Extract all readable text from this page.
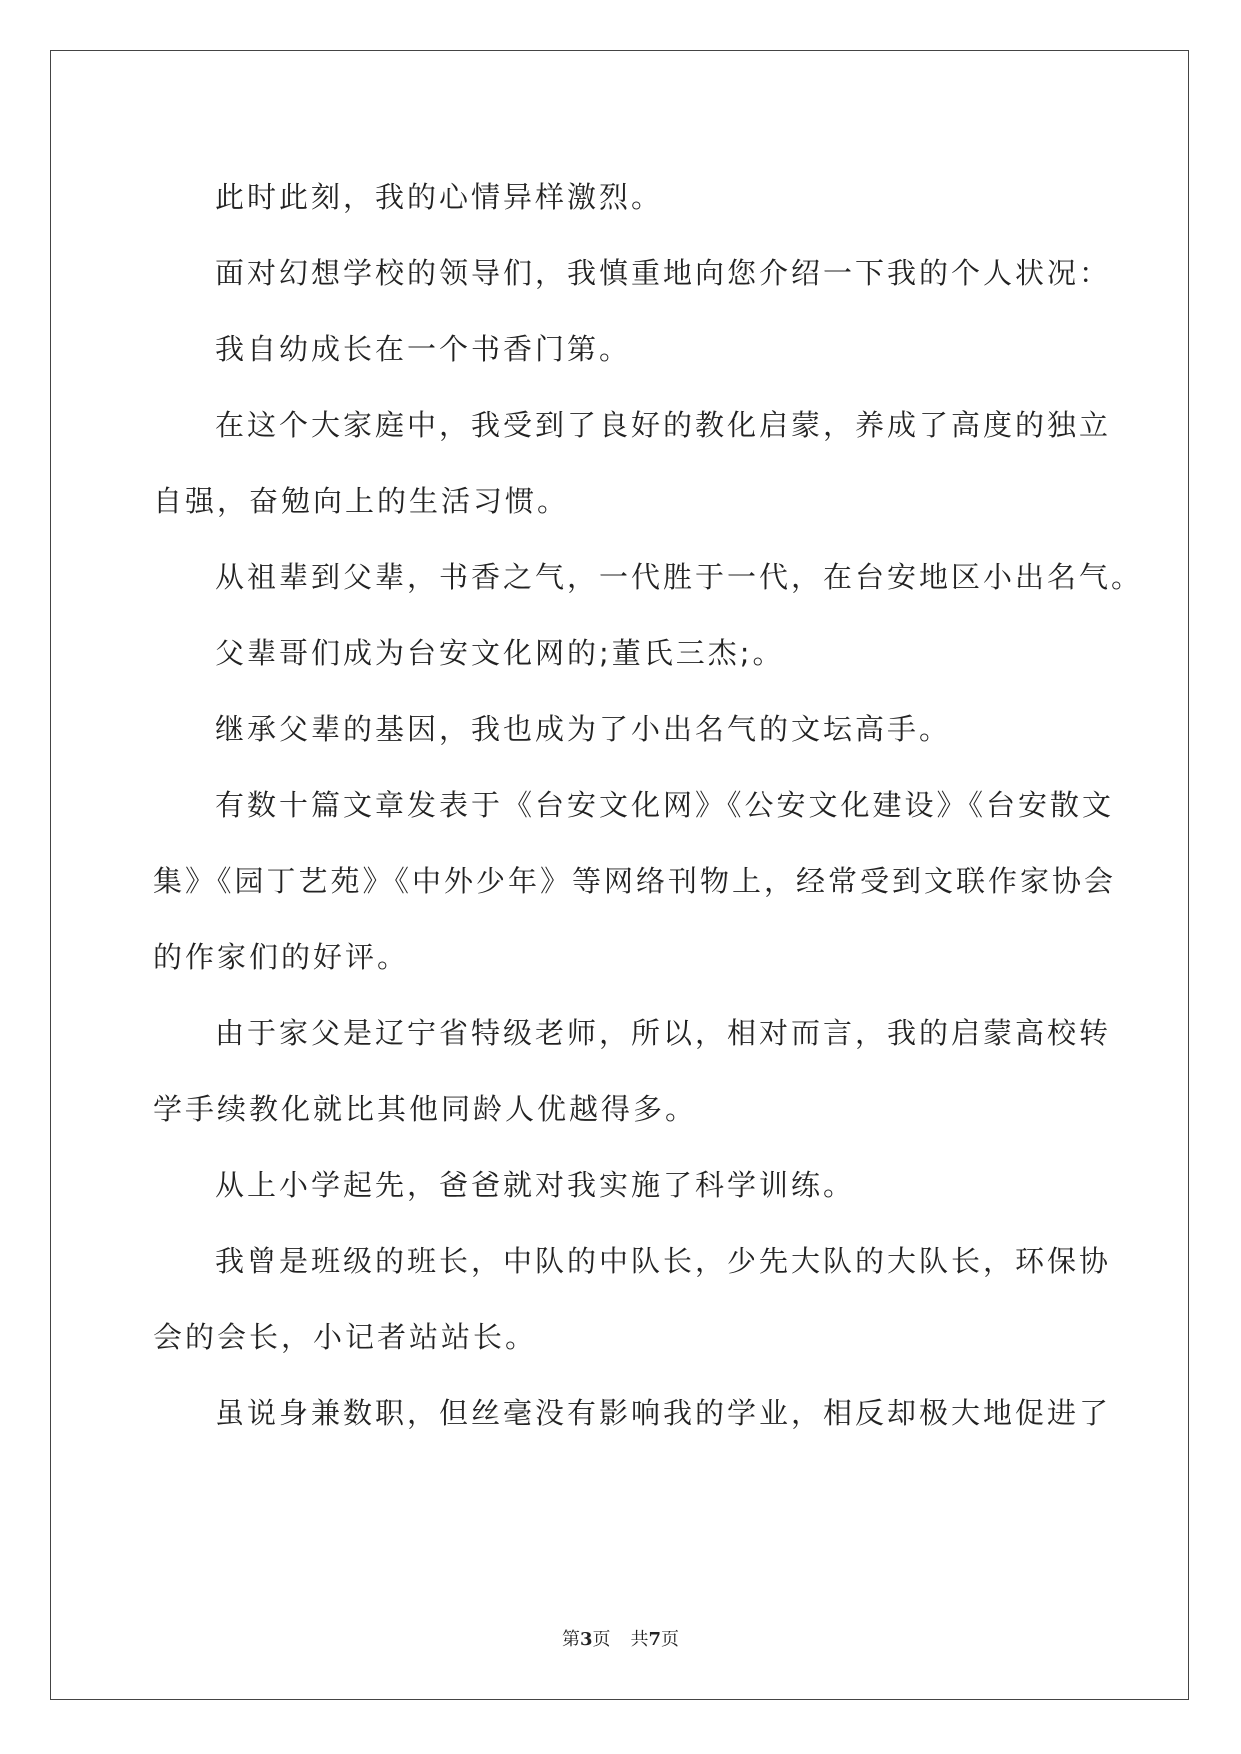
此时此刻，我的心情异样激烈。
面对幻想学校的领导们，我慎重地向您介绍一下我的个人状况：
我自幼成长在一个书香门第。
在这个大家庭中，我受到了良好的教化启蒙，养成了高度的独立
自强，奋勉向上的生活习惯。
从祖辈到父辈，书香之气，一代胜于一代，在台安地区小出名气。
父辈哥们成为台安文化网的;董氏三杰;。
继承父辈的基因，我也成为了小出名气的文坛高手。
有数十篇文章发表于《台安文化网》《公安文化建设》《台安散文
集》《园丁艺苑》《中外少年》等网络刊物上，经常受到文联作家协会
的作家们的好评。
由于家父是辽宁省特级老师，所以，相对而言，我的启蒙高校转
学手续教化就比其他同龄人优越得多。
从上小学起先，爸爸就对我实施了科学训练。
我曾是班级的班长，中队的中队长，少先大队的大队长，环保协
会的会长，小记者站站长。
虽说身兼数职，但丝毫没有影响我的学业，相反却极大地促进了
第3页 共7页
